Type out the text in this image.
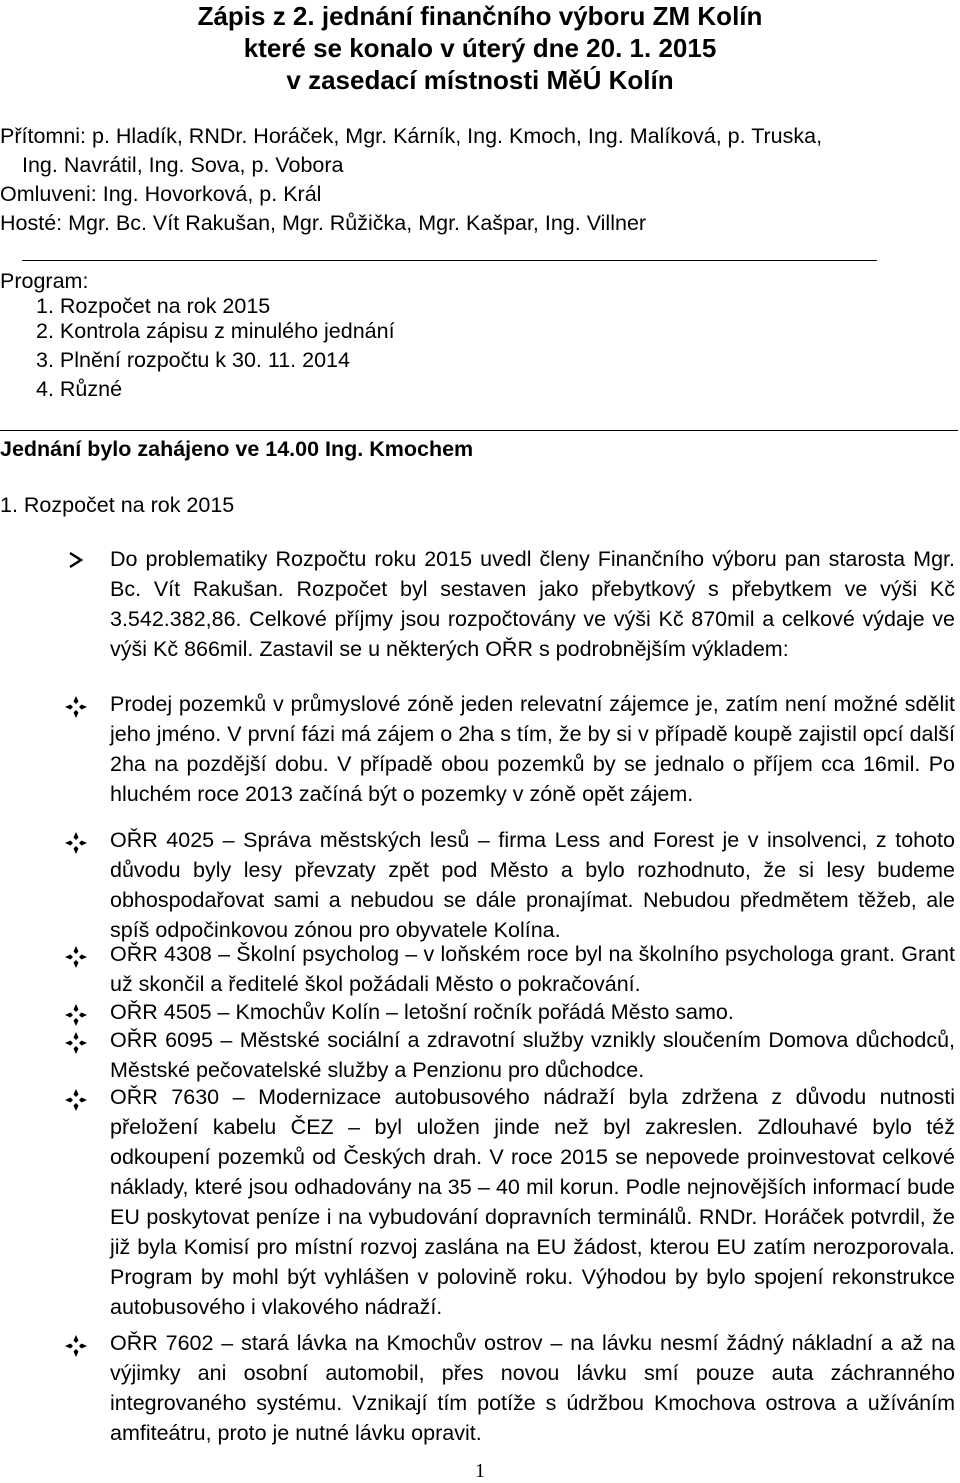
Zápis z 2. jednání finančního výboru ZM Kolín
které se konalo v úterý dne 20. 1. 2015
v zasedací místnosti MěÚ Kolín
Přítomni: p. Hladík, RNDr. Horáček, Mgr. Kárník, Ing. Kmoch, Ing. Malíková, p. Truska,
Ing. Navrátil, Ing. Sova, p. Vobora
Omluveni: Ing. Hovorková, p. Král
Hosté: Mgr. Bc. Vít Rakušan, Mgr. Růžička, Mgr. Kašpar, Ing. Villner
Program:
1. Rozpočet na rok 2015
2. Kontrola zápisu z minulého jednání
3. Plnění rozpočtu k 30. 11. 2014
4. Různé
Jednání bylo zahájeno ve 14.00 Ing. Kmochem
1. Rozpočet na rok 2015
Do problematiky Rozpočtu roku 2015 uvedl členy Finančního výboru pan starosta Mgr. Bc. Vít Rakušan. Rozpočet byl sestaven jako přebytkový s přebytkem ve výši Kč 3.542.382,86. Celkové příjmy jsou rozpočtovány ve výši Kč 870mil a celkové výdaje ve výši Kč 866mil. Zastavil se u některých OŘR s podrobnějším výkladem:
Prodej pozemků v průmyslové zóně jeden relevatní zájemce je, zatím není možné sdělit jeho jméno. V první fázi má zájem o 2ha s tím, že by si v případě koupě zajistil opcí další 2ha na pozdější dobu. V případě obou pozemků by se jednalo o příjem cca 16mil. Po hluchém roce 2013 začíná být o pozemky v zóně opět zájem.
OŘR 4025 – Správa městských lesů – firma Less and Forest je v insolvenci, z tohoto důvodu byly lesy převzaty zpět pod Město a bylo rozhodnuto, že si lesy budeme obhospodařovat sami a nebudou se dále pronajímat. Nebudou předmětem těžeb, ale spíš odpočinkovou zónou pro obyvatele Kolína.
OŘR 4308 – Školní psycholog – v loňském roce byl na školního psychologa grant. Grant už skončil a ředitelé škol požádali Město o pokračování.
OŘR 4505 – Kmochův Kolín – letošní ročník pořádá Město samo.
OŘR 6095 – Městské sociální a zdravotní služby vznikly sloučením Domova důchodců, Městské pečovatelské služby a Penzionu pro důchodce.
OŘR 7630 – Modernizace autobusového nádraží byla zdržena z důvodu nutnosti přeložení kabelu ČEZ – byl uložen jinde než byl zakreslen. Zdlouhavé bylo též odkoupení pozemků od Českých drah. V roce 2015 se nepovede proinvestovat celkové náklady, které jsou odhadovány na 35 – 40 mil korun. Podle nejnovějších informací bude EU poskytovat peníze i na vybudování dopravních terminálů. RNDr. Horáček potvrdil, že již byla Komisí pro místní rozvoj zaslána na EU žádost, kterou EU zatím nerozporovala. Program by mohl být vyhlášen v polovině roku. Výhodou by bylo spojení rekonstrukce autobusového i vlakového nádraží.
OŘR 7602 – stará lávka na Kmochův ostrov – na lávku nesmí žádný nákladní a až na výjimky ani osobní automobil, přes novou lávku smí pouze auta záchranného integrovaného systému. Vznikají tím potíže s údržbou Kmochova ostrova a užíváním amfiteátru, proto je nutné lávku opravit.
1
